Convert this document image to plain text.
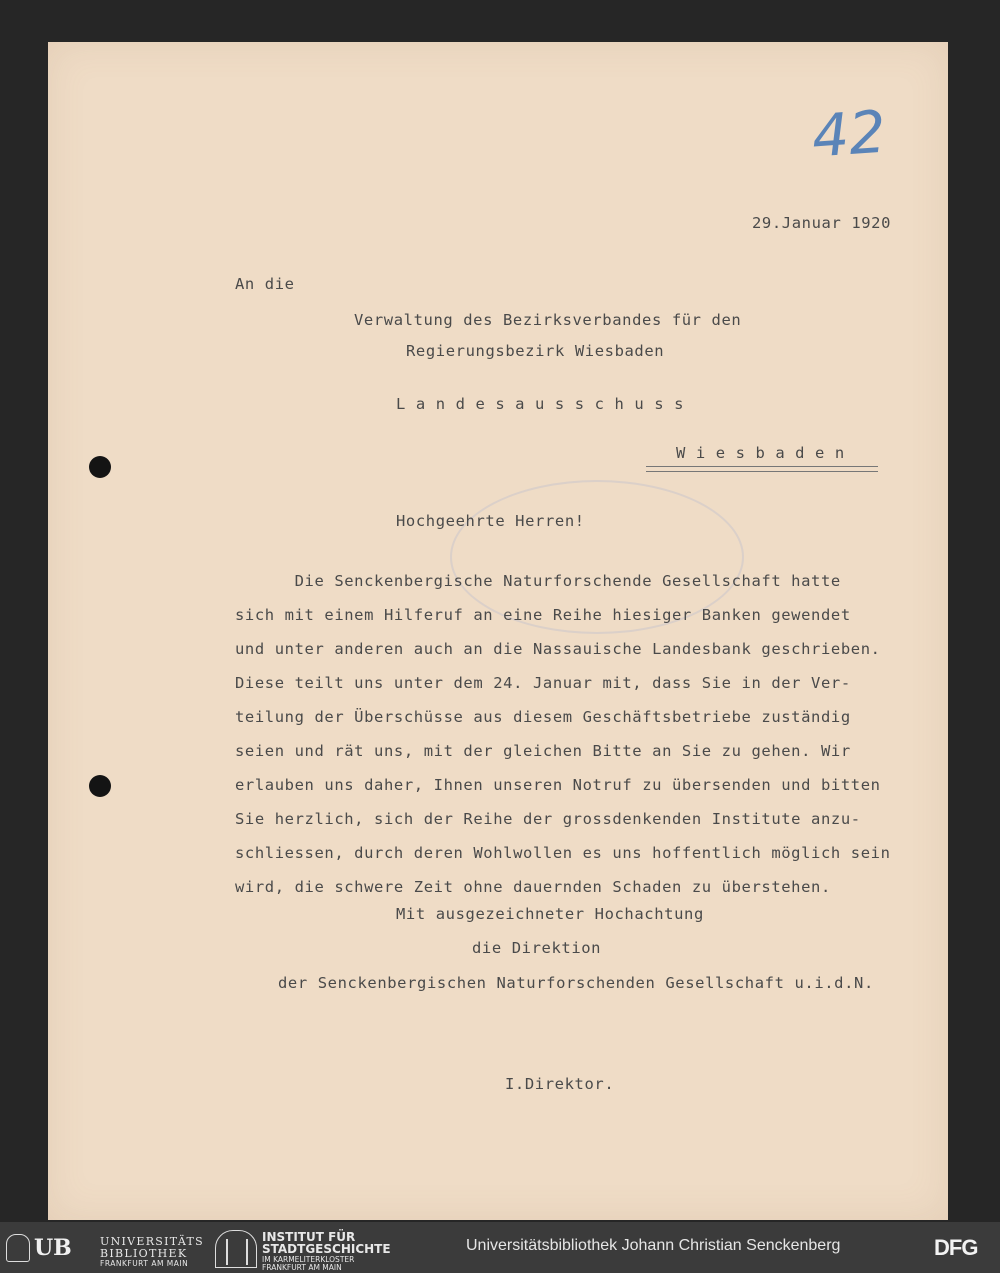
42

29.Januar 1920

An die

Verwaltung des Bezirksverbandes für den

Regierungsbezirk Wiesbaden

L a n d e s a u s s c h u s s

W i e s b a d e n

Hochgeehrte Herren!

Die Senckenbergische Naturforschende Gesellschaft hatte

sich mit einem Hilferuf an eine Reihe hiesiger Banken gewendet

und unter anderen auch an die Nassauische Landesbank geschrieben.

Diese teilt uns unter dem 24. Januar mit, dass Sie in der Ver-

teilung der Überschüsse aus diesem Geschäftsbetriebe zuständig

seien und rät uns, mit der gleichen Bitte an Sie zu gehen. Wir

erlauben uns daher, Ihnen unseren Notruf zu übersenden und bitten

Sie herzlich, sich der Reihe der grossdenkenden Institute anzu-

schliessen, durch deren Wohlwollen es uns hoffentlich möglich sein

wird, die schwere Zeit ohne dauernden Schaden zu überstehen.

Mit ausgezeichneter Hochachtung

die Direktion

der Senckenbergischen Naturforschenden Gesellschaft u.i.d.N.

I.Direktor.

UB	UNIVERSITÄTS
BIBLIOTHEK
FRANKFURT AM MAIN
INSTITUT FÜR
STADTGESCHICHTE
IM KARMELITERKLOSTER
FRANKFURT AM MAIN
Universitätsbibliothek Johann Christian Senckenberg	DFG
